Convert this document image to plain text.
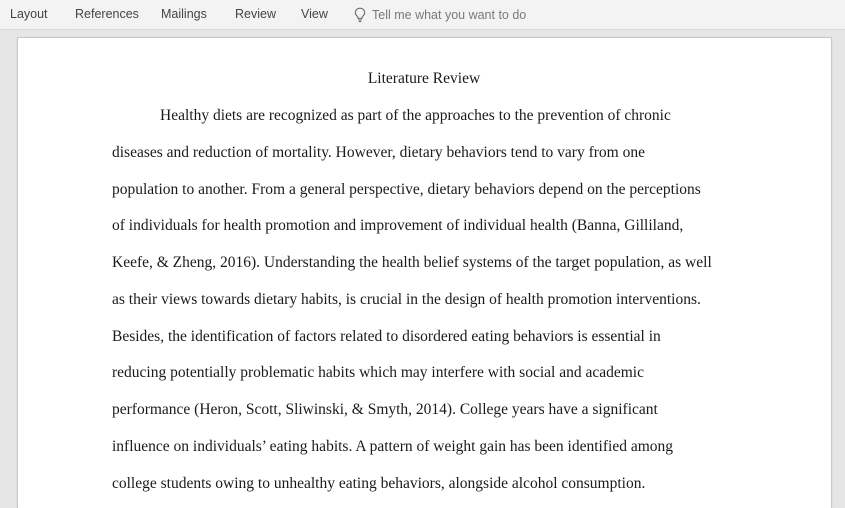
Layout References Mailings Review View	Tell me what you want to do
Literature Review
Healthy diets are recognized as part of the approaches to the prevention of chronic
diseases and reduction of mortality. However, dietary behaviors tend to vary from one
population to another. From a general perspective, dietary behaviors depend on the perceptions
of individuals for health promotion and improvement of individual health (Banna, Gilliland,
Keefe, & Zheng, 2016). Understanding the health belief systems of the target population, as well
as their views towards dietary habits, is crucial in the design of health promotion interventions.
Besides, the identification of factors related to disordered eating behaviors is essential in
reducing potentially problematic habits which may interfere with social and academic
performance (Heron, Scott, Sliwinski, & Smyth, 2014). College years have a significant
influence on individuals’ eating habits. A pattern of weight gain has been identified among
college students owing to unhealthy eating behaviors, alongside alcohol consumption.
